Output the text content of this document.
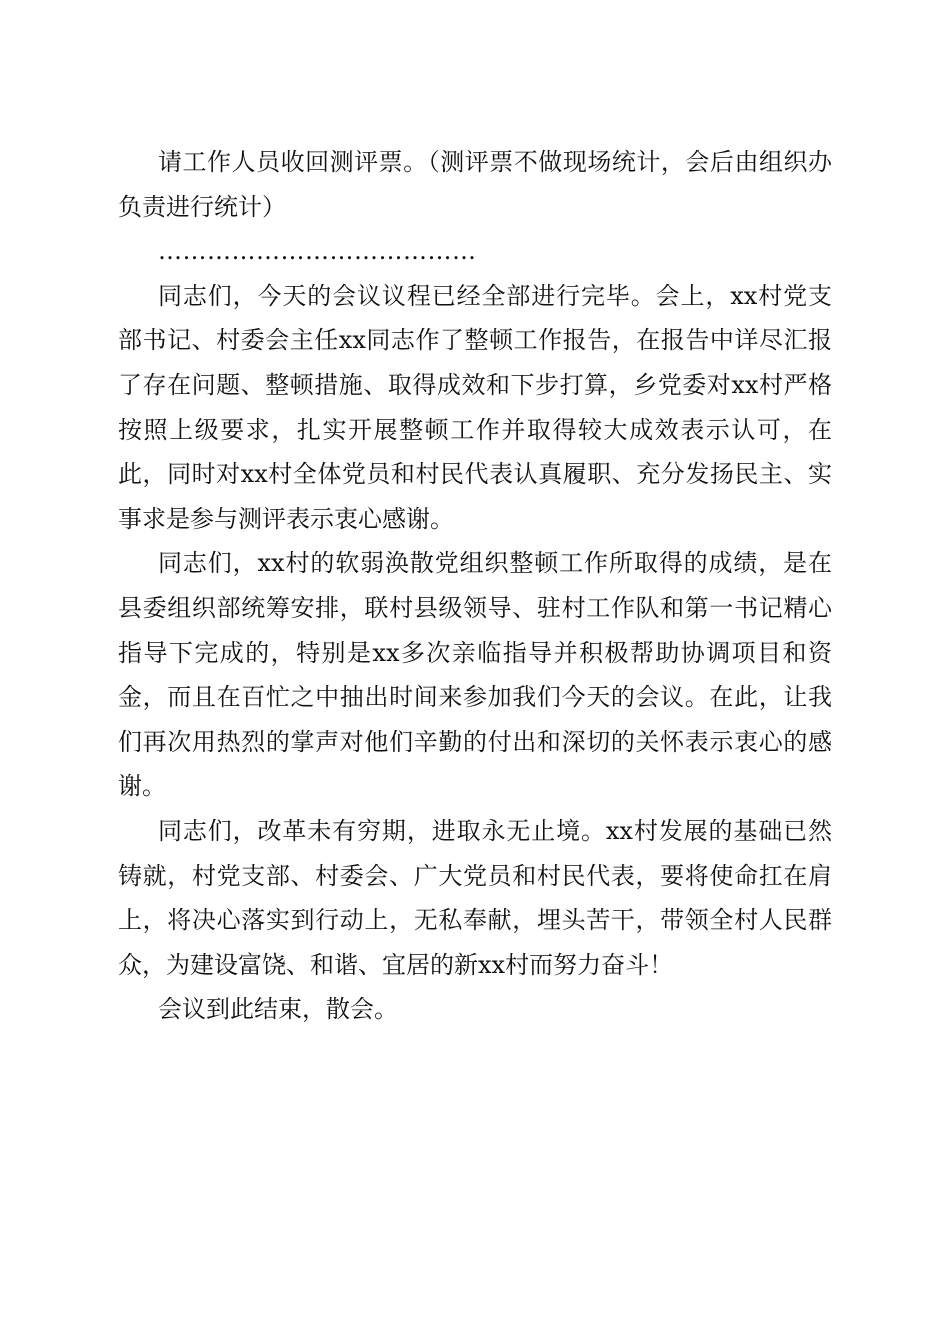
请工作人员收回测评票。（测评票不做现场统计，会后由组织办负责进行统计）

…………………………………

同志们，今天的会议议程已经全部进行完毕。会上，xx村党支部书记、村委会主任xx同志作了整顿工作报告，在报告中详尽汇报了存在问题、整顿措施、取得成效和下步打算，乡党委对xx村严格按照上级要求，扎实开展整顿工作并取得较大成效表示认可，在此，同时对xx村全体党员和村民代表认真履职、充分发扬民主、实事求是参与测评表示衷心感谢。

同志们，xx村的软弱涣散党组织整顿工作所取得的成绩，是在县委组织部统筹安排，联村县级领导、驻村工作队和第一书记精心指导下完成的，特别是xx多次亲临指导并积极帮助协调项目和资金，而且在百忙之中抽出时间来参加我们今天的会议。在此，让我们再次用热烈的掌声对他们辛勤的付出和深切的关怀表示衷心的感谢。

同志们，改革未有穷期，进取永无止境。xx村发展的基础已然铸就，村党支部、村委会、广大党员和村民代表，要将使命扛在肩上，将决心落实到行动上，无私奉献，埋头苦干，带领全村人民群众，为建设富饶、和谐、宜居的新xx村而努力奋斗！

会议到此结束，散会。
